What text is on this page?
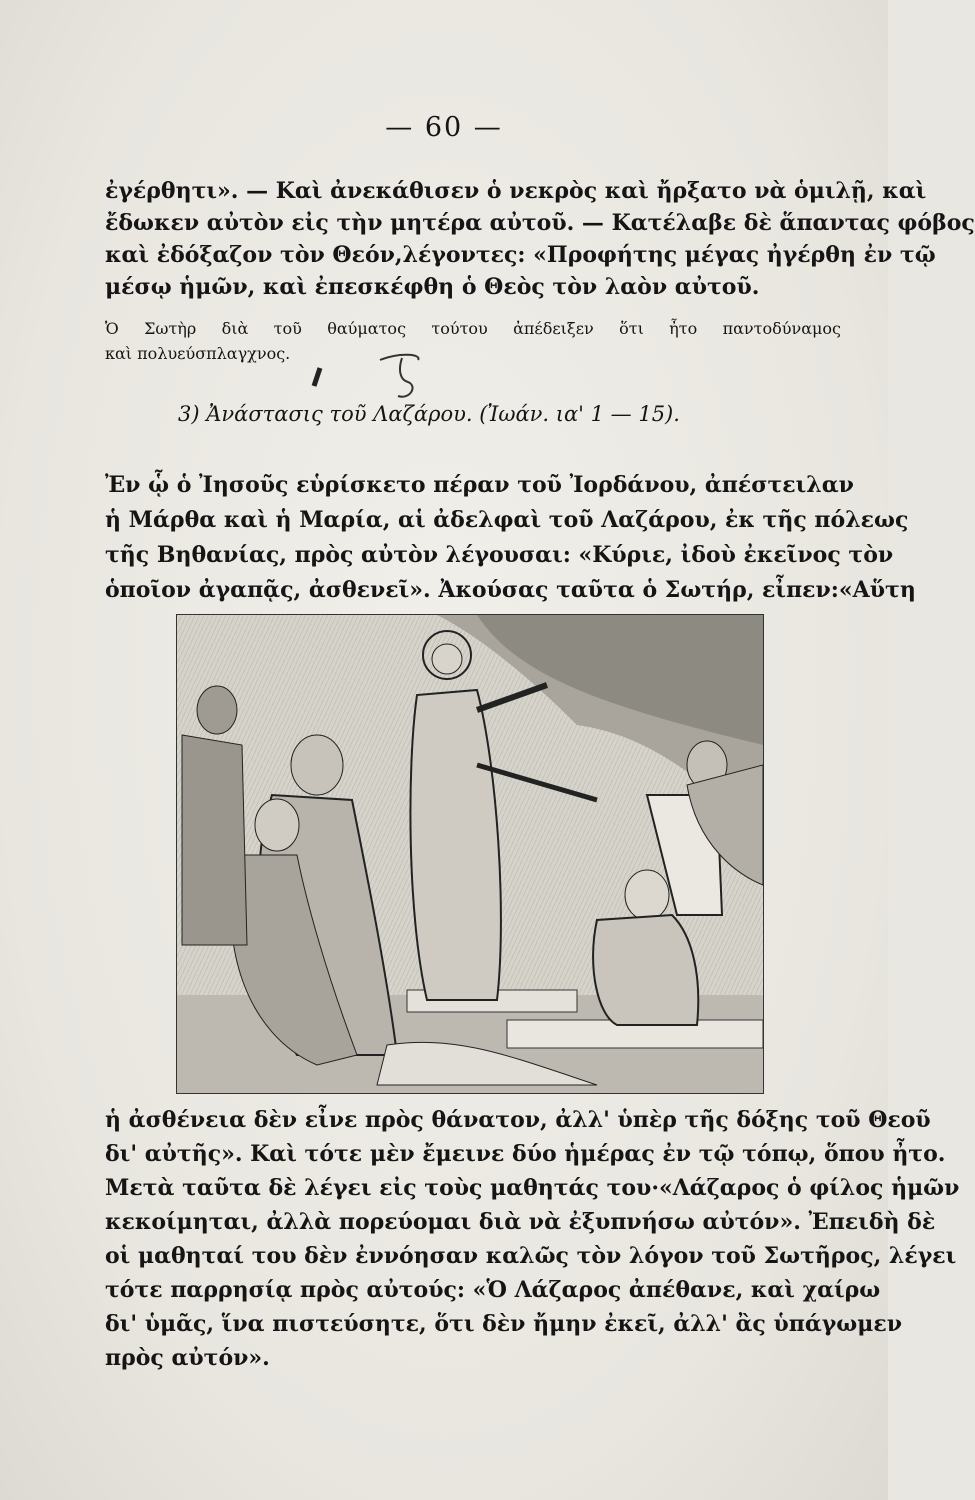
— 60 —
ἐγέρθητι». — Καὶ ἀνεκάθισεν ὁ νεκρὸς καὶ ἤρξατο νὰ ὁμιλῇ, καὶ
ἔδωκεν αὐτὸν εἰς τὴν μητέρα αὐτοῦ. — Κατέλαβε δὲ ἅπαντας φόβος
καὶ ἐδόξαζον τὸν Θεόν,λέγοντες: «Προφήτης μέγας ἠγέρθη ἐν τῷ
μέσῳ ἡμῶν, καὶ ἐπεσκέφθη ὁ Θεὸς τὸν λαὸν αὐτοῦ.
Ὁ Σωτὴρ διὰ τοῦ θαύματος τούτου ἀπέδειξεν ὅτι ἦτο παντοδύναμος
καὶ πολυεύσπλαγχνος.
3) Ἀνάστασις τοῦ Λαζάρου. (Ἰωάν. ια' 1 — 15).
Ἐν ᾧ ὁ Ἰησοῦς εὑρίσκετο πέραν τοῦ Ἰορδάνου, ἀπέστειλαν
ἡ Μάρθα καὶ ἡ Μαρία, αἱ ἀδελφαὶ τοῦ Λαζάρου, ἐκ τῆς πόλεως
τῆς Βηθανίας, πρὸς αὐτὸν λέγουσαι: «Κύριε, ἰδοὺ ἐκεῖνος τὸν
ὁποῖον ἀγαπᾷς, ἀσθενεῖ». Ἀκούσας ταῦτα ὁ Σωτήρ, εἶπεν:«Αὕτη
ἡ ἀσθένεια δὲν εἶνε πρὸς θάνατον, ἀλλ' ὑπὲρ τῆς δόξης τοῦ Θεοῦ
δι' αὐτῆς». Καὶ τότε μὲν ἔμεινε δύο ἡμέρας ἐν τῷ τόπῳ, ὅπου ἦτο.
Μετὰ ταῦτα δὲ λέγει εἰς τοὺς μαθητάς του·«Λάζαρος ὁ φίλος ἡμῶν
κεκοίμηται, ἀλλὰ πορεύομαι διὰ νὰ ἐξυπνήσω αὐτόν». Ἐπειδὴ δὲ
οἱ μαθηταί του δὲν ἐννόησαν καλῶς τὸν λόγον τοῦ Σωτῆρος, λέγει
τότε παρρησίᾳ πρὸς αὐτούς: «Ὁ Λάζαρος ἀπέθανε, καὶ χαίρω
δι' ὑμᾶς, ἵνα πιστεύσητε, ὅτι δὲν ἤμην ἐκεῖ, ἀλλ' ἂς ὑπάγωμεν
πρὸς αὐτόν».
